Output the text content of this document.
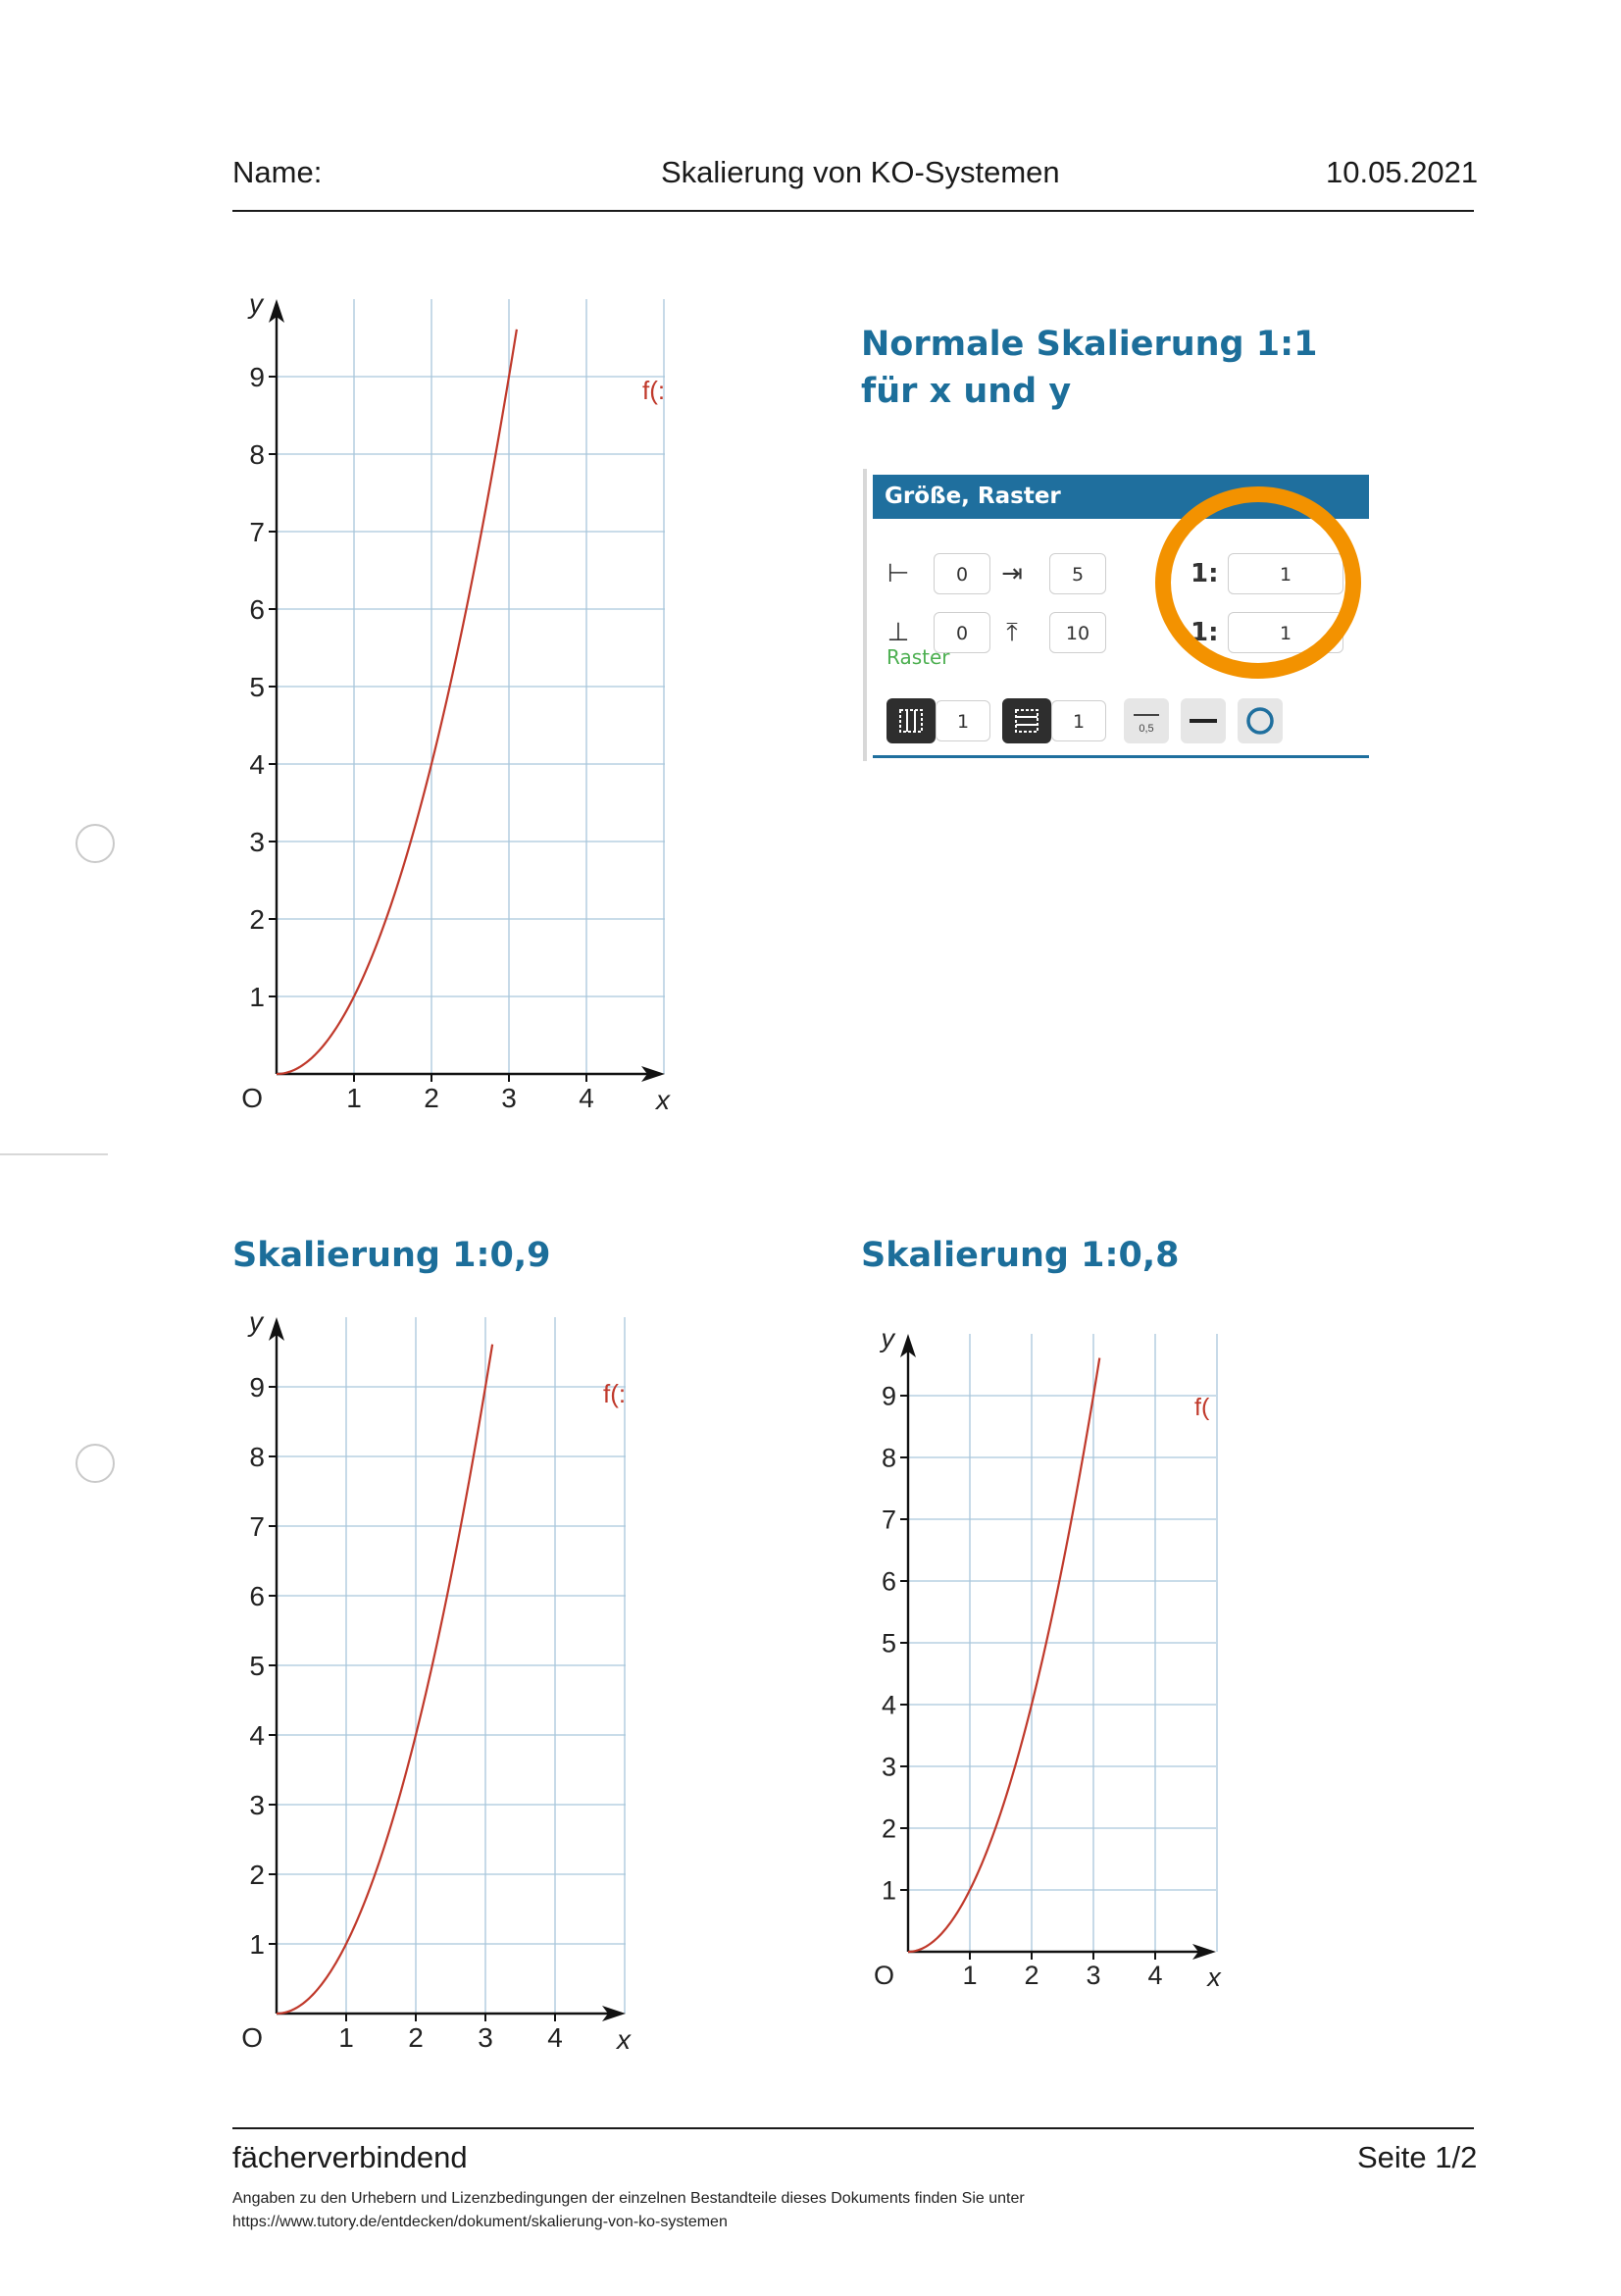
Name:	Skalierung von KO-Systemen	10.05.2021
Normale Skalierung 1:1
für x und y
Skalierung 1:0,9	Skalierung 1:0,8
1
2
3
4
5
6
7
8
9
1 2 3 4
O	x
y
f(:
1
2
3
4
5
6
7
8
9
1 2 3 4
O	x
y
f(:
1
2
3
4
5
6
7
8
9
1 2 3 4
O	x
y
f(
Größe, Raster
⊢	0	⇥	5
⊥	0	⤒	10
1:	1
1:	1
Raster
1	1	0,5
fächerverbindend	Seite 1/2
Angaben zu den Urhebern und Lizenzbedingungen der einzelnen Bestandteile dieses Dokuments finden Sie unter
https://www.tutory.de/entdecken/dokument/skalierung-von-ko-systemen
